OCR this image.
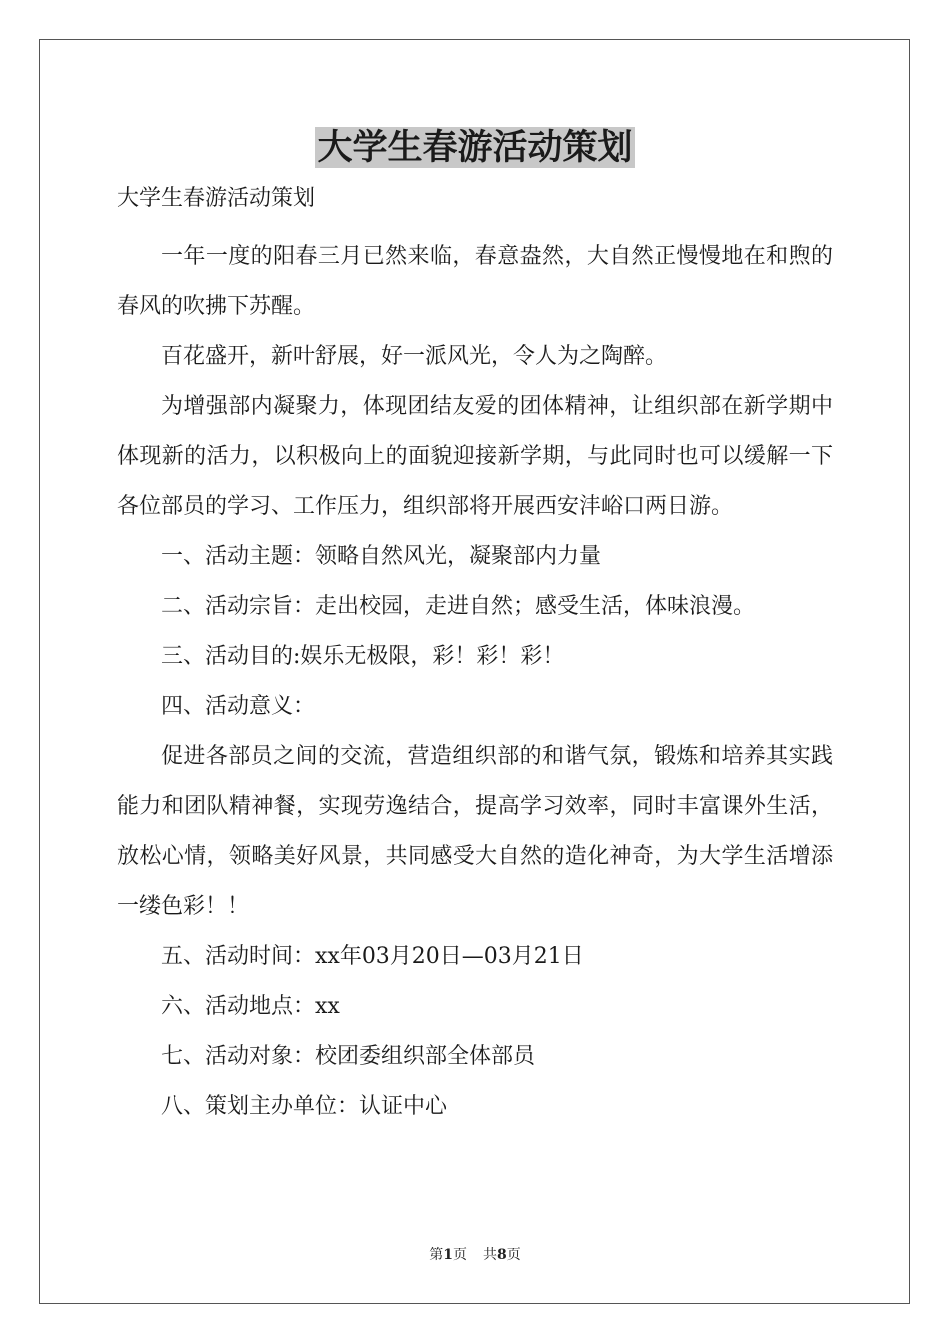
大学生春游活动策划
大学生春游活动策划

一年一度的阳春三月已然来临，春意盎然，大自然正慢慢地在和煦的春风的吹拂下苏醒。

百花盛开，新叶舒展，好一派风光，令人为之陶醉。

为增强部内凝聚力，体现团结友爱的团体精神，让组织部在新学期中体现新的活力，以积极向上的面貌迎接新学期，与此同时也可以缓解一下各位部员的学习、工作压力，组织部将开展西安沣峪口两日游。

一、活动主题：领略自然风光，凝聚部内力量

二、活动宗旨：走出校园，走进自然；感受生活，体味浪漫。

三、活动目的:娱乐无极限，彩！彩！彩！

四、活动意义：

促进各部员之间的交流，营造组织部的和谐气氛，锻炼和培养其实践能力和团队精神餐，实现劳逸结合，提高学习效率，同时丰富课外生活，放松心情，领略美好风景，共同感受大自然的造化神奇，为大学生活增添一缕色彩！！

五、活动时间：xx年03月20日—03月21日

六、活动地点：xx

七、活动对象：校团委组织部全体部员

八、策划主办单位：认证中心

第1页 共8页
